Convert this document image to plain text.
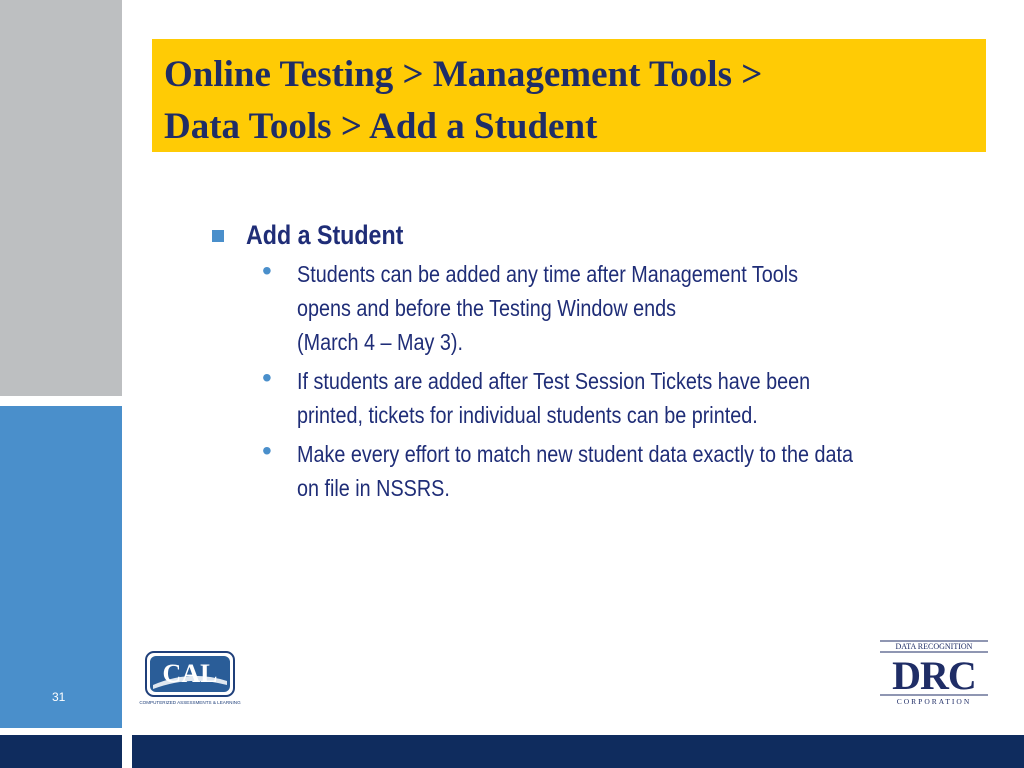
31

Online Testing > Management Tools >

Data Tools > Add a Student

Add a Student
• Students can be added any time after Management Tools
opens and before the Testing Window ends
(March 4 – May 3).
• If students are added after Test Session Tickets have been
printed, tickets for individual students can be printed.
• Make every effort to match new student data exactly to the data
on file in NSSRS.
CAL
COMPUTERIZED ASSESSMENTS & LEARNING
DATA RECOGNITION
DRC
CORPORATION
